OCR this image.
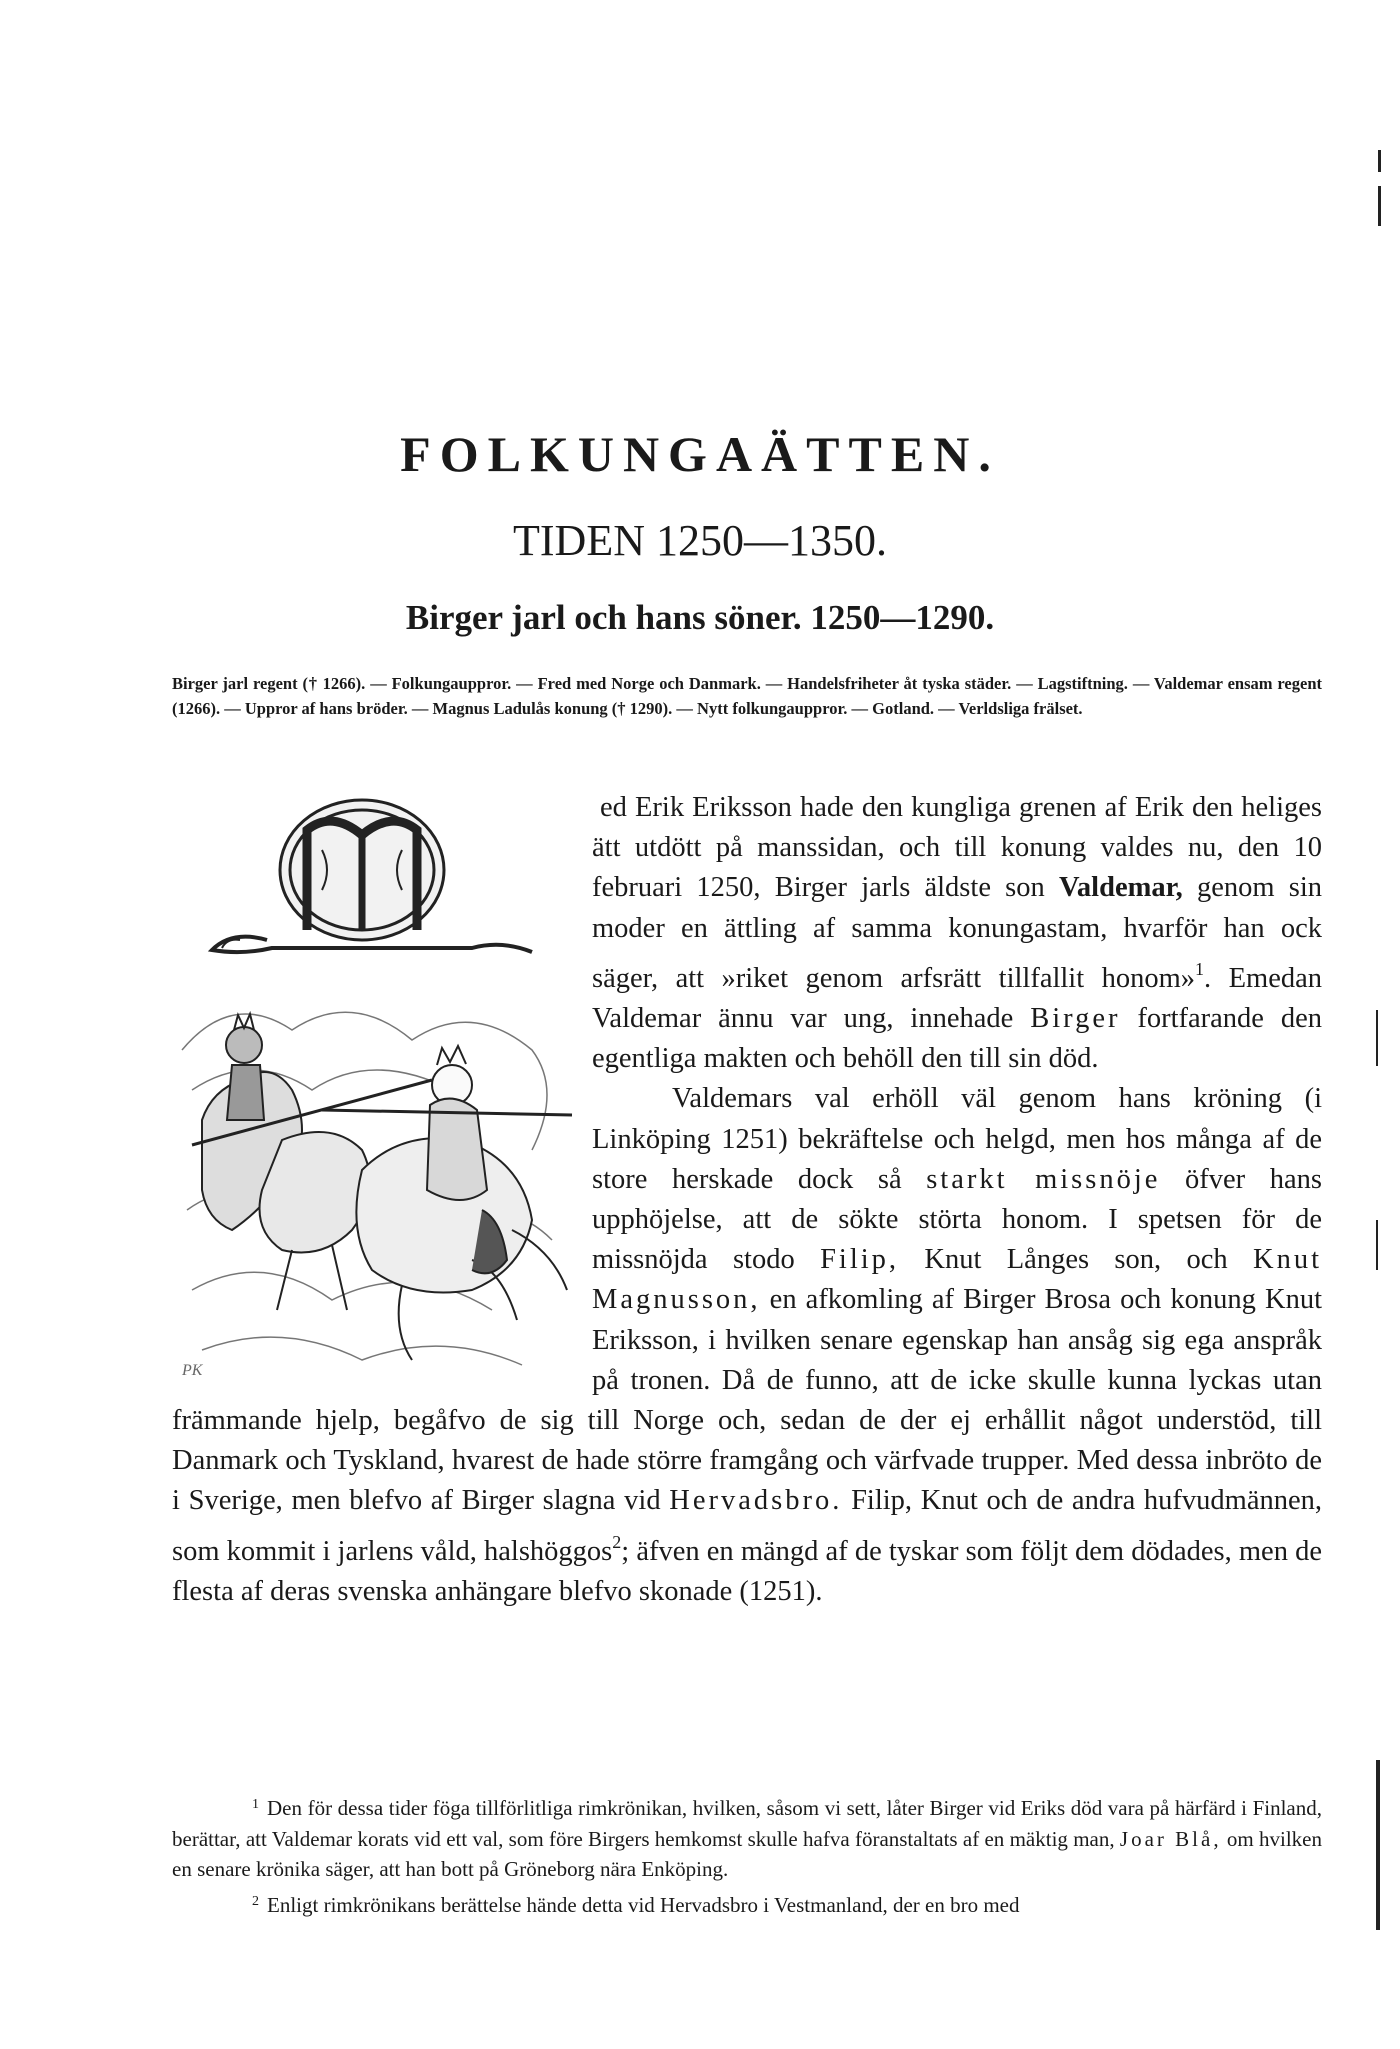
FOLKUNGAÄTTEN.
TIDEN 1250—1350.
Birger jarl och hans söner. 1250—1290.
Birger jarl regent († 1266). — Folkungauppror. — Fred med Norge och Danmark. — Handelsfriheter åt tyska städer. — Lagstiftning. — Valdemar ensam regent (1266). — Uppror af hans bröder. — Magnus Ladulås konung († 1290). — Nytt folkungauppror. — Gotland. — Verldsliga frälset.
PK

ed Erik Eriksson hade den kungliga grenen af Erik den heliges ätt utdött på manssidan, och till konung valdes nu, den 10 februari 1250, Birger jarls äldste son Valdemar, genom sin moder en ättling af samma konungastam, hvarför han ock säger, att »riket genom arfsrätt tillfallit honom»$^1$. Emedan Valdemar ännu var ung, innehade Birger fortfarande den egentliga makten och behöll den till sin död.

Valdemars val erhöll väl genom hans kröning (i Linköping 1251) bekräftelse och helgd, men hos många af de store herskade dock så starkt missnöje öfver hans upphöjelse, att de sökte störta honom. I spetsen för de missnöjda stodo Filip, Knut Långes son, och Knut Magnusson, en afkomling af Birger Brosa och konung Knut Eriksson, i hvilken senare egenskap han ansåg sig ega anspråk på tronen. Då de funno, att de icke skulle kunna lyckas utan främmande hjelp, begåfvo de sig till Norge och, sedan de der ej erhållit något understöd, till Danmark och Tyskland, hvarest de hade större framgång och värfvade trupper. Med dessa inbröto de i Sverige, men blefvo af Birger slagna vid Hervadsbro. Filip, Knut och de andra hufvudmännen, som kommit i jarlens våld, halshöggos$^2$; äfven en mängd af de tyskar som följt dem dödades, men de flesta af deras svenska anhängare blefvo skonade (1251).

$^1$ Den för dessa tider föga tillförlitliga rimkrönikan, hvilken, såsom vi sett, låter Birger vid Eriks död vara på härfärd i Finland, berättar, att Valdemar korats vid ett val, som före Birgers hemkomst skulle hafva föranstaltats af en mäktig man, Joar Blå, om hvilken en senare krönika säger, att han bott på Gröneborg nära Enköping.

$^2$ Enligt rimkrönikans berättelse hände detta vid Hervadsbro i Vestmanland, der en bro med
